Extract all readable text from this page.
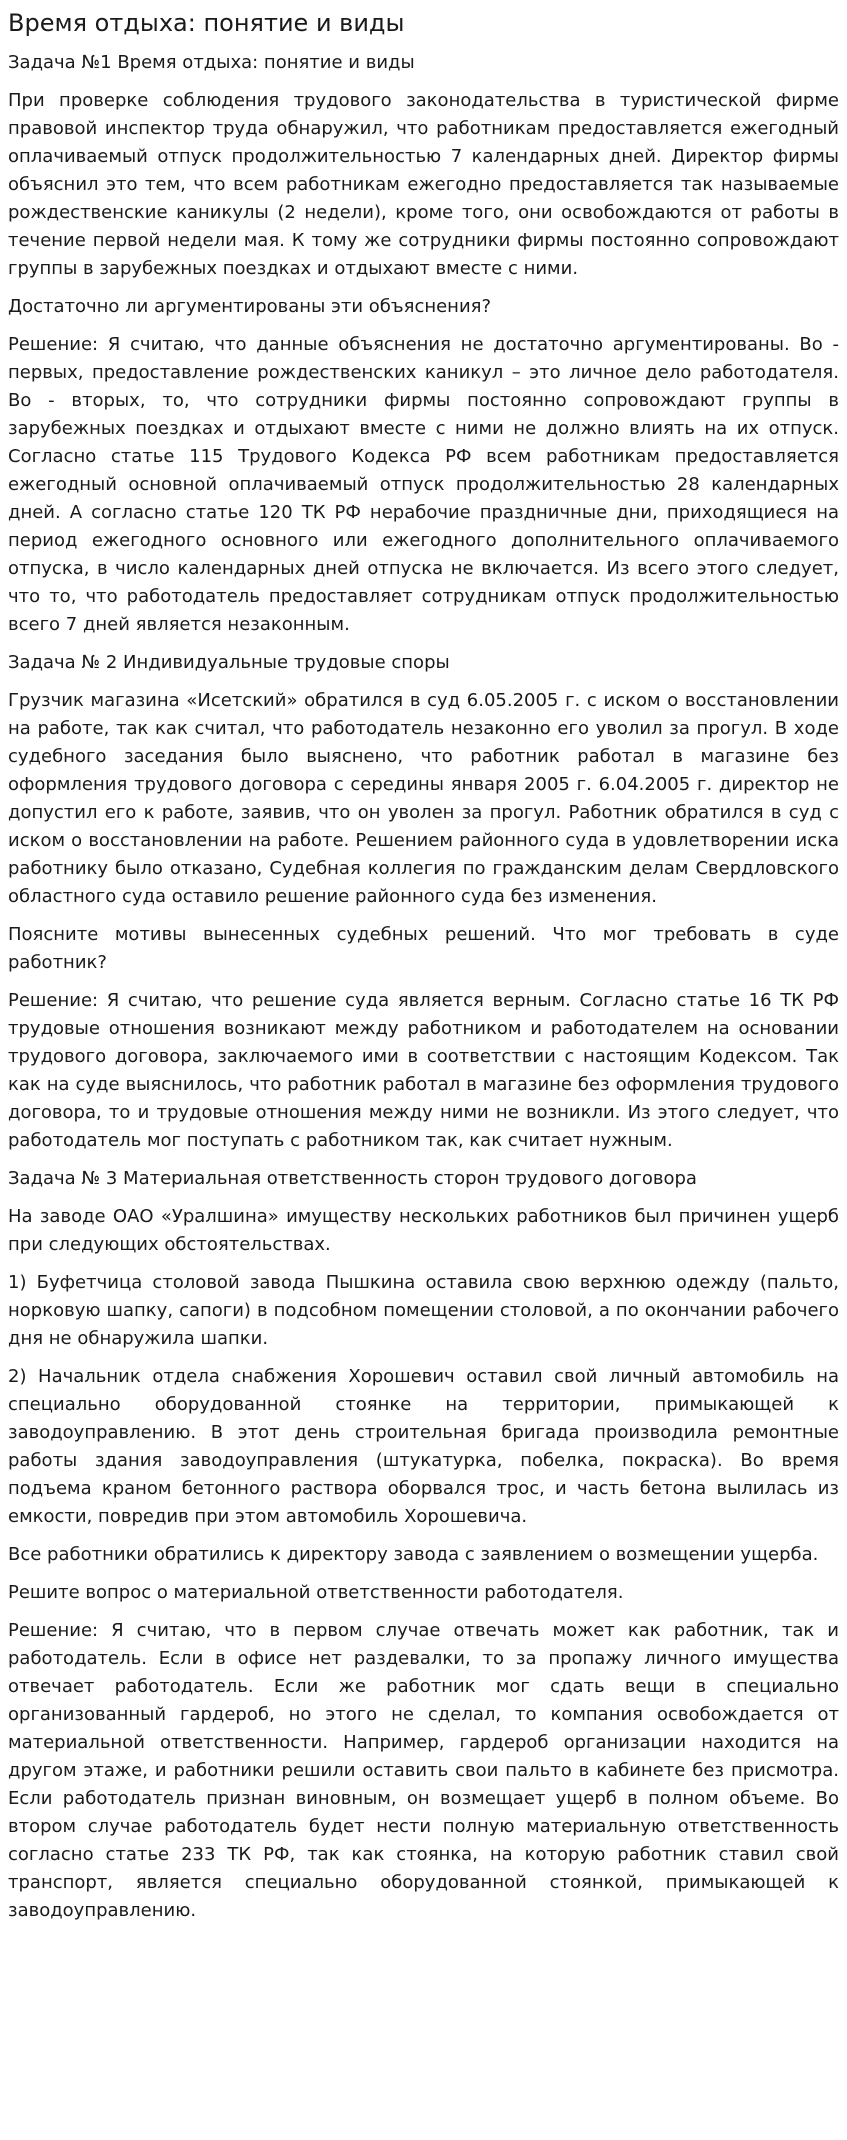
Время отдыха: понятие и виды

Задача №1 Время отдыха: понятие и виды

При проверке соблюдения трудового законодательства в туристической фирме правовой инспектор труда обнаружил, что работникам предоставляется ежегодный оплачиваемый отпуск продолжительностью 7 календарных дней. Директор фирмы объяснил это тем, что всем работникам ежегодно предоставляется так называемые рождественские каникулы (2 недели), кроме того, они освобождаются от работы в течение первой недели мая. К тому же сотрудники фирмы постоянно сопровождают группы в зарубежных поездках и отдыхают вместе с ними.

Достаточно ли аргументированы эти объяснения?

Решение: Я считаю, что данные объяснения не достаточно аргументированы. Во - первых, предоставление рождественских каникул – это личное дело работодателя. Во - вторых, то, что сотрудники фирмы постоянно сопровождают группы в зарубежных поездках и отдыхают вместе с ними не должно влиять на их отпуск. Согласно статье 115 Трудового Кодекса РФ всем работникам предоставляется ежегодный основной оплачиваемый отпуск продолжительностью 28 календарных дней. А согласно статье 120 ТК РФ нерабочие праздничные дни, приходящиеся на период ежегодного основного или ежегодного дополнительного оплачиваемого отпуска, в число календарных дней отпуска не включается. Из всего этого следует, что то, что работодатель предоставляет сотрудникам отпуск продолжительностью всего 7 дней является незаконным.

Задача № 2 Индивидуальные трудовые споры

Грузчик магазина «Исетский» обратился в суд 6.05.2005 г. с иском о восстановлении на работе, так как считал, что работодатель незаконно его уволил за прогул. В ходе судебного заседания было выяснено, что работник работал в магазине без оформления трудового договора с середины января 2005 г. 6.04.2005 г. директор не допустил его к работе, заявив, что он уволен за прогул. Работник обратился в суд с иском о восстановлении на работе. Решением районного суда в удовлетворении иска работнику было отказано, Судебная коллегия по гражданским делам Свердловского областного суда оставило решение районного суда без изменения.

Поясните мотивы вынесенных судебных решений. Что мог требовать в суде работник?

Решение: Я считаю, что решение суда является верным. Согласно статье 16 ТК РФ трудовые отношения возникают между работником и работодателем на основании трудового договора, заключаемого ими в соответствии с настоящим Кодексом. Так как на суде выяснилось, что работник работал в магазине без оформления трудового договора, то и трудовые отношения между ними не возникли. Из этого следует, что работодатель мог поступать с работником так, как считает нужным.

Задача № 3 Материальная ответственность сторон трудового договора

На заводе ОАО «Уралшина» имуществу нескольких работников был причинен ущерб при следующих обстоятельствах.

1) Буфетчица столовой завода Пышкина оставила свою верхнюю одежду (пальто, норковую шапку, сапоги) в подсобном помещении столовой, а по окончании рабочего дня не обнаружила шапки.

2) Начальник отдела снабжения Хорошевич оставил свой личный автомобиль на специально оборудованной стоянке на территории, примыкающей к заводоуправлению. В этот день строительная бригада производила ремонтные работы здания заводоуправления (штукатурка, побелка, покраска). Во время подъема краном бетонного раствора оборвался трос, и часть бетона вылилась из емкости, повредив при этом автомобиль Хорошевича.

Все работники обратились к директору завода с заявлением о возмещении ущерба.

Решите вопрос о материальной ответственности работодателя.

Решение: Я считаю, что в первом случае отвечать может как работник, так и работодатель. Если в офисе нет раздевалки, то за пропажу личного имущества отвечает работодатель. Если же работник мог сдать вещи в специально организованный гардероб, но этого не сделал, то компания освобождается от материальной ответственности. Например, гардероб организации находится на другом этаже, и работники решили оставить свои пальто в кабинете без присмотра. Если работодатель признан виновным, он возмещает ущерб в полном объеме. Во втором случае работодатель будет нести полную материальную ответственность согласно статье 233 ТК РФ, так как стоянка, на которую работник ставил свой транспорт, является специально оборудованной стоянкой, примыкающей к заводоуправлению.
